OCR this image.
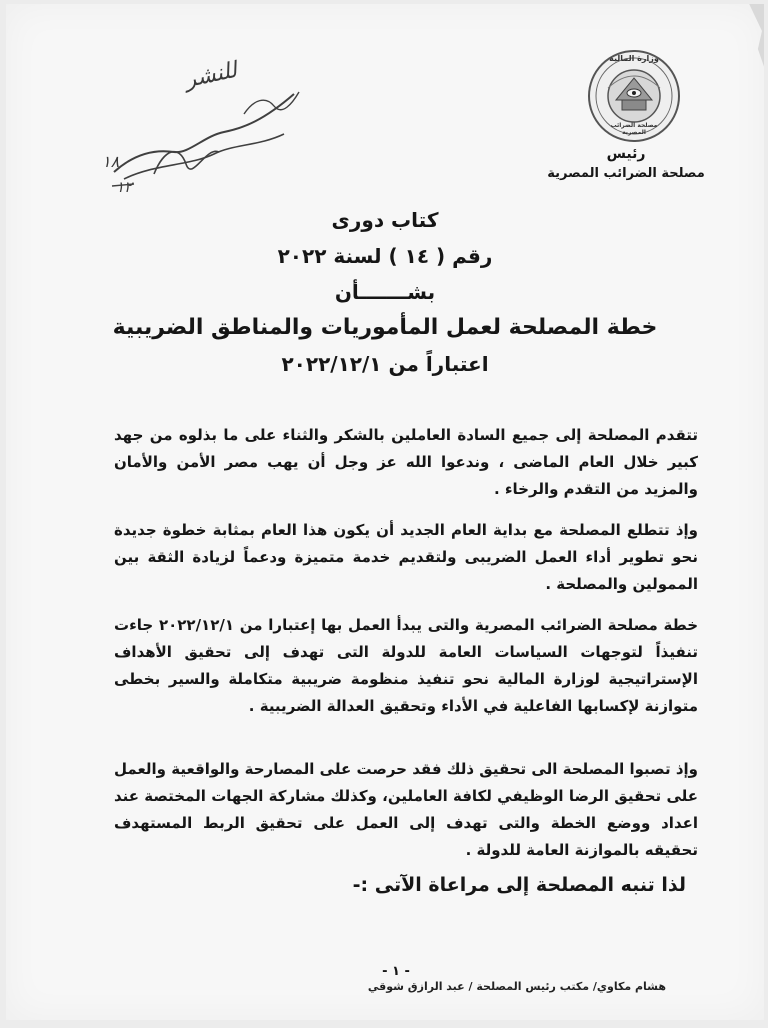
وزارة المالية
مصلحة الضرائب المصرية
رئيس
مصلحة الضرائب المصرية
للنشر
١٨
١٢
كتاب دورى
رقم ( ١٤ ) لسنة ٢٠٢٢
بشـــــــأن
خطة المصلحة لعمل المأموريات والمناطق الضريبية
اعتباراً من ٢٠٢٢/١٢/١
تتقدم المصلحة إلى جميع السادة العاملين بالشكر والثناء على ما بذلوه من جهد كبير خلال العام الماضى ، وندعوا الله عز وجل أن يهب مصر الأمن والأمان والمزيد من التقدم والرخاء .
وإذ تتطلع المصلحة مع بداية العام الجديد أن يكون هذا العام بمثابة خطوة جديدة نحو تطوير أداء العمل الضريبى ولتقديم خدمة متميزة ودعماً لزيادة الثقة بين الممولين والمصلحة .
خطة مصلحة الضرائب المصرية والتى يبدأ العمل بها إعتبارا من ٢٠٢٢/١٢/١ جاءت تنفيذاً لتوجهات السياسات العامة للدولة التى تهدف إلى تحقيق الأهداف الإستراتيجية لوزارة المالية نحو تنفيذ منظومة ضريبية متكاملة والسير بخطى متوازنة لإكسابها الفاعلية في الأداء وتحقيق العدالة الضريبية .
وإذ تصبوا المصلحة الى تحقيق ذلك فقد حرصت على المصارحة والواقعية والعمل على تحقيق الرضا الوظيفي لكافة العاملين، وكذلك مشاركة الجهات المختصة عند اعداد ووضع الخطة والتى تهدف إلى العمل على تحقيق الربط المستهدف تحقيقه بالموازنة العامة للدولة .
لذا تنبه المصلحة إلى مراعاة الآتى :-
- ١ -
هشام مكاوي/ مكتب رئيس المصلحة / عبد الرازق شوقي
